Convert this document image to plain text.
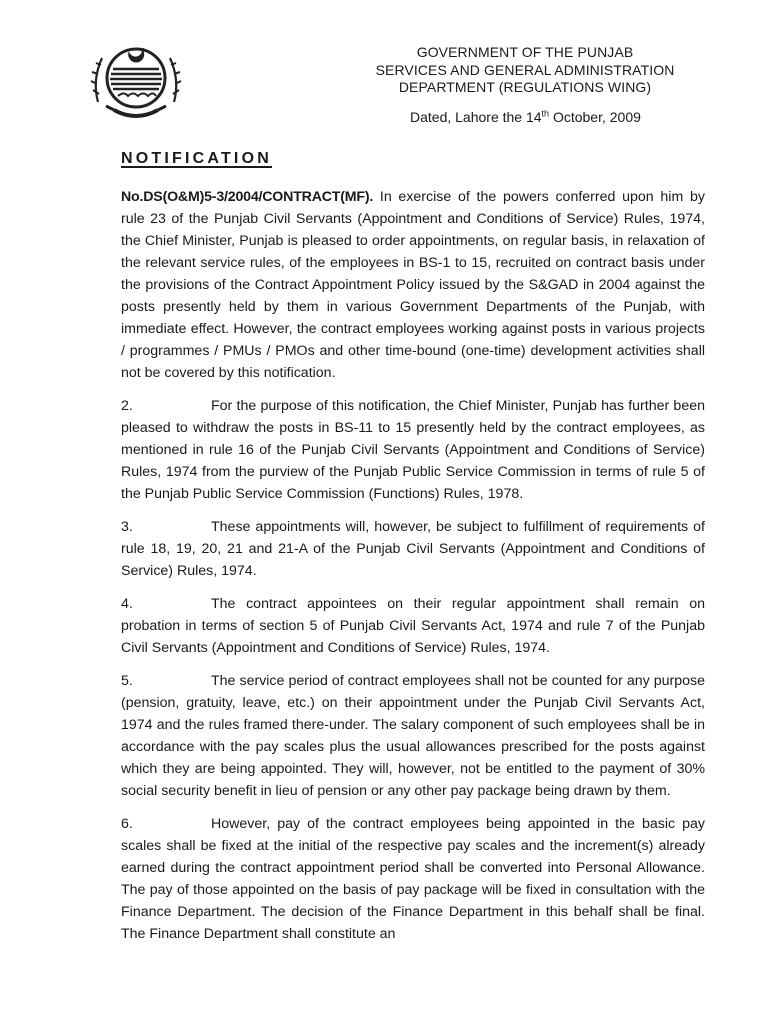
GOVERNMENT OF THE PUNJAB
SERVICES AND GENERAL ADMINISTRATION
DEPARTMENT (REGULATIONS WING)
Dated, Lahore the 14th October, 2009
NOTIFICATION

No.DS(O&M)5-3/2004/CONTRACT(MF). In exercise of the powers conferred upon him by rule 23 of the Punjab Civil Servants (Appointment and Conditions of Service) Rules, 1974, the Chief Minister, Punjab is pleased to order appointments, on regular basis, in relaxation of the relevant service rules, of the employees in BS-1 to 15, recruited on contract basis under the provisions of the Contract Appointment Policy issued by the S&GAD in 2004 against the posts presently held by them in various Government Departments of the Punjab, with immediate effect. However, the contract employees working against posts in various projects / programmes / PMUs / PMOs and other time-bound (one-time) development activities shall not be covered by this notification.

2.	For the purpose of this notification, the Chief Minister, Punjab has further been pleased to withdraw the posts in BS-11 to 15 presently held by the contract employees, as mentioned in rule 16 of the Punjab Civil Servants (Appointment and Conditions of Service) Rules, 1974 from the purview of the Punjab Public Service Commission in terms of rule 5 of the Punjab Public Service Commission (Functions) Rules, 1978.

3.	These appointments will, however, be subject to fulfillment of requirements of rule 18, 19, 20, 21 and 21-A of the Punjab Civil Servants (Appointment and Conditions of Service) Rules, 1974.

4.	The contract appointees on their regular appointment shall remain on probation in terms of section 5 of Punjab Civil Servants Act, 1974 and rule 7 of the Punjab Civil Servants (Appointment and Conditions of Service) Rules, 1974.

5.	The service period of contract employees shall not be counted for any purpose (pension, gratuity, leave, etc.) on their appointment under the Punjab Civil Servants Act, 1974 and the rules framed there-under. The salary component of such employees shall be in accordance with the pay scales plus the usual allowances prescribed for the posts against which they are being appointed. They will, however, not be entitled to the payment of 30% social security benefit in lieu of pension or any other pay package being drawn by them.

6.	However, pay of the contract employees being appointed in the basic pay scales shall be fixed at the initial of the respective pay scales and the increment(s) already earned during the contract appointment period shall be converted into Personal Allowance. The pay of those appointed on the basis of pay package will be fixed in consultation with the Finance Department. The decision of the Finance Department in this behalf shall be final. The Finance Department shall constitute an
